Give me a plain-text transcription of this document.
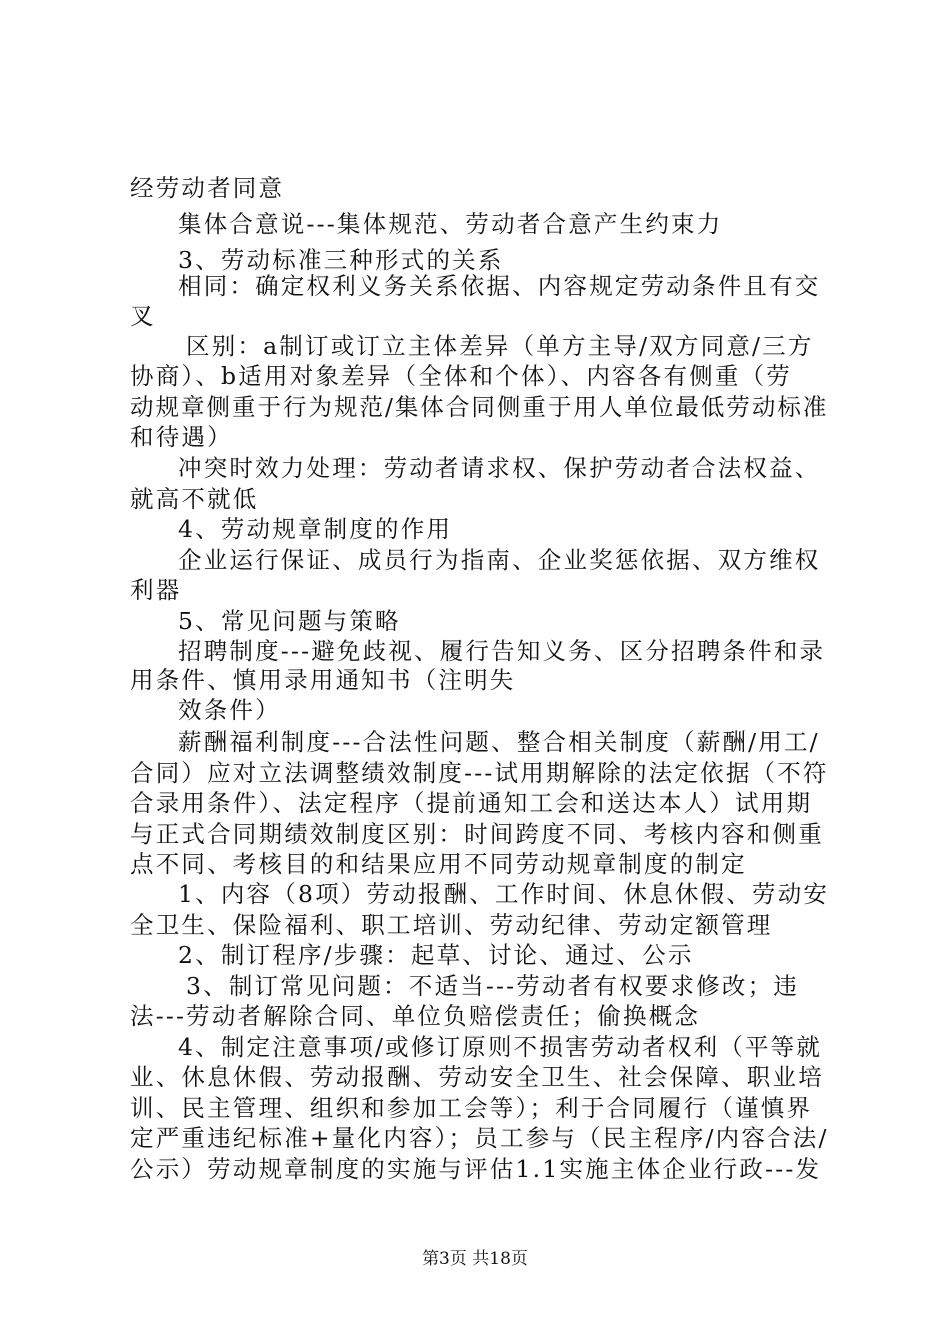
经劳动者同意
集体合意说---集体规范、劳动者合意产生约束力
3、劳动标准三种形式的关系
相同：确定权利义务关系依据、内容规定劳动条件且有交
叉
区别：a制订或订立主体差异（单方主导/双方同意/三方
协商）、b适用对象差异（全体和个体）、内容各有侧重（劳
动规章侧重于行为规范/集体合同侧重于用人单位最低劳动标准
和待遇）
冲突时效力处理：劳动者请求权、保护劳动者合法权益、
就高不就低
4、劳动规章制度的作用
企业运行保证、成员行为指南、企业奖惩依据、双方维权
利器
5、常见问题与策略
招聘制度---避免歧视、履行告知义务、区分招聘条件和录
用条件、慎用录用通知书（注明失
效条件）
薪酬福利制度---合法性问题、整合相关制度（薪酬/用工/
合同）应对立法调整绩效制度---试用期解除的法定依据（不符
合录用条件）、法定程序（提前通知工会和送达本人）试用期
与正式合同期绩效制度区别：时间跨度不同、考核内容和侧重
点不同、考核目的和结果应用不同劳动规章制度的制定
1、内容（8项）劳动报酬、工作时间、休息休假、劳动安
全卫生、保险福利、职工培训、劳动纪律、劳动定额管理
2、制订程序/步骤：起草、讨论、通过、公示
3、制订常见问题：不适当---劳动者有权要求修改；违
法---劳动者解除合同、单位负赔偿责任；偷换概念
4、制定注意事项/或修订原则不损害劳动者权利（平等就
业、休息休假、劳动报酬、劳动安全卫生、社会保障、职业培
训、民主管理、组织和参加工会等）；利于合同履行（谨慎界
定严重违纪标准+量化内容）；员工参与（民主程序/内容合法/
公示）劳动规章制度的实施与评估1.1实施主体企业行政---发
第3页 共18页
